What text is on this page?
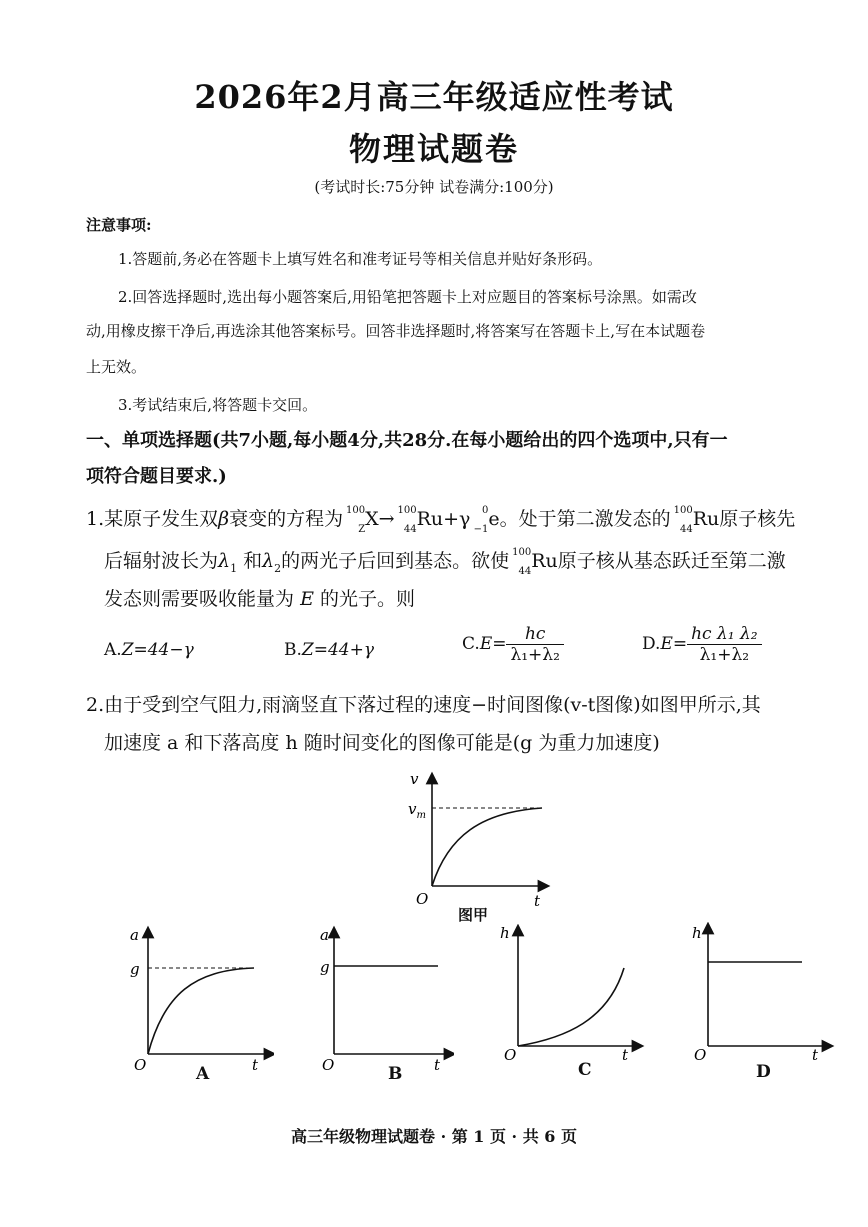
2026年2月高三年级适应性考试
物理试题卷
(考试时长:75分钟 试卷满分:100分)
注意事项:
1.答题前,务必在答题卡上填写姓名和准考证号等相关信息并贴好条形码。
2.回答选择题时,选出每小题答案后,用铅笔把答题卡上对应题目的答案标号涂黑。如需改
动,用橡皮擦干净后,再选涂其他答案标号。回答非选择题时,将答案写在答题卡上,写在本试题卷
上无效。
3.考试结束后,将答题卡交回。
一、单项选择题(共7小题,每小题4分,共28分.在每小题给出的四个选项中,只有一
项符合题目要求.)
1.某原子发生双β衰变的方程为 100
Z X→ 100
44 Ru+γ 0
−1 e。处于第二激发态的 100
44 Ru原子核先
后辐射波长为$\lambda_1$ 和$\lambda_2$的两光子后回到基态。欲使 100
44 Ru原子核从基态跃迁至第二激
发态则需要吸收能量为 E 的光子。则
A.Z=44−γ	B.Z=44+γ	$C.E= \frac{hc}{\text{λ₁+λ₂}}$	$D.E= \frac{\text{hc λ₁ λ₂}}{\text{λ₁+λ₂}}$
2.由于受到空气阻力,雨滴竖直下落过程的速度−时间图像(v-t图像)如图甲所示,其
加速度 a 和下落高度 h 随时间变化的图像可能是(g 为重力加速度)
v
$v_m$
O	t
图甲
a
g
O	t
A
a
g
O	t
B
h
O	t
C
h
O	t
D
高三年级物理试题卷 · 第 1 页 · 共 6 页
